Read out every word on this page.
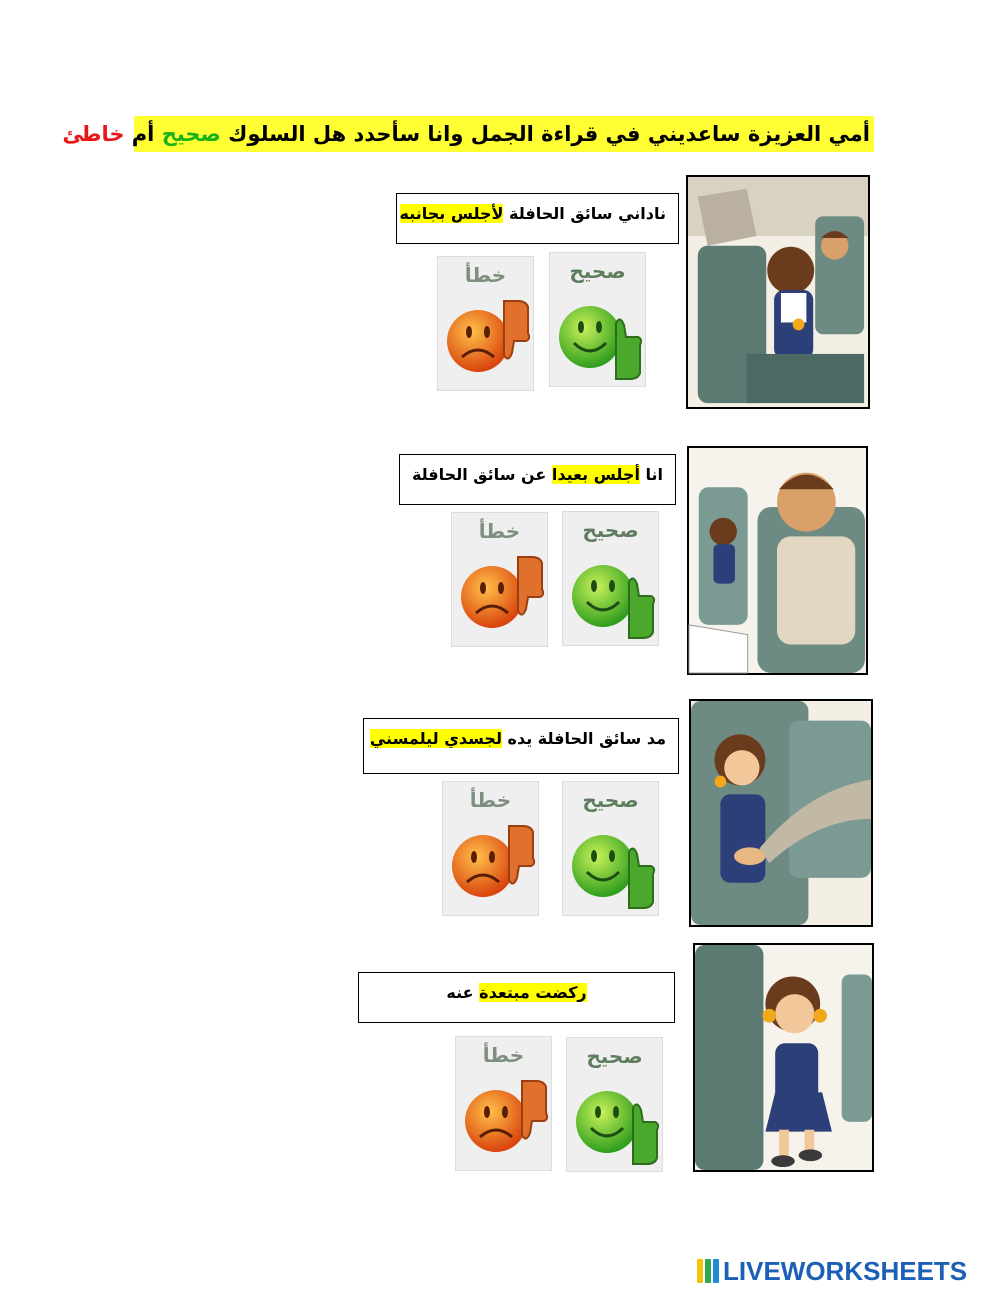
أمي العزيزة ساعديني في قراءة الجمل وانا سأحدد هل السلوك صحيح أم خاطئ
ناداني سائق الحافلة لأجلس بجانبه
صحيح
خطأ
انا أجلس بعيدا عن سائق الحافلة
صحيح
خطأ
مد سائق الحافلة يده لجسدي ليلمسني
صحيح
خطأ
ركضت مبتعدة عنه
صحيح
خطأ
LIVEWORKSHEETS
